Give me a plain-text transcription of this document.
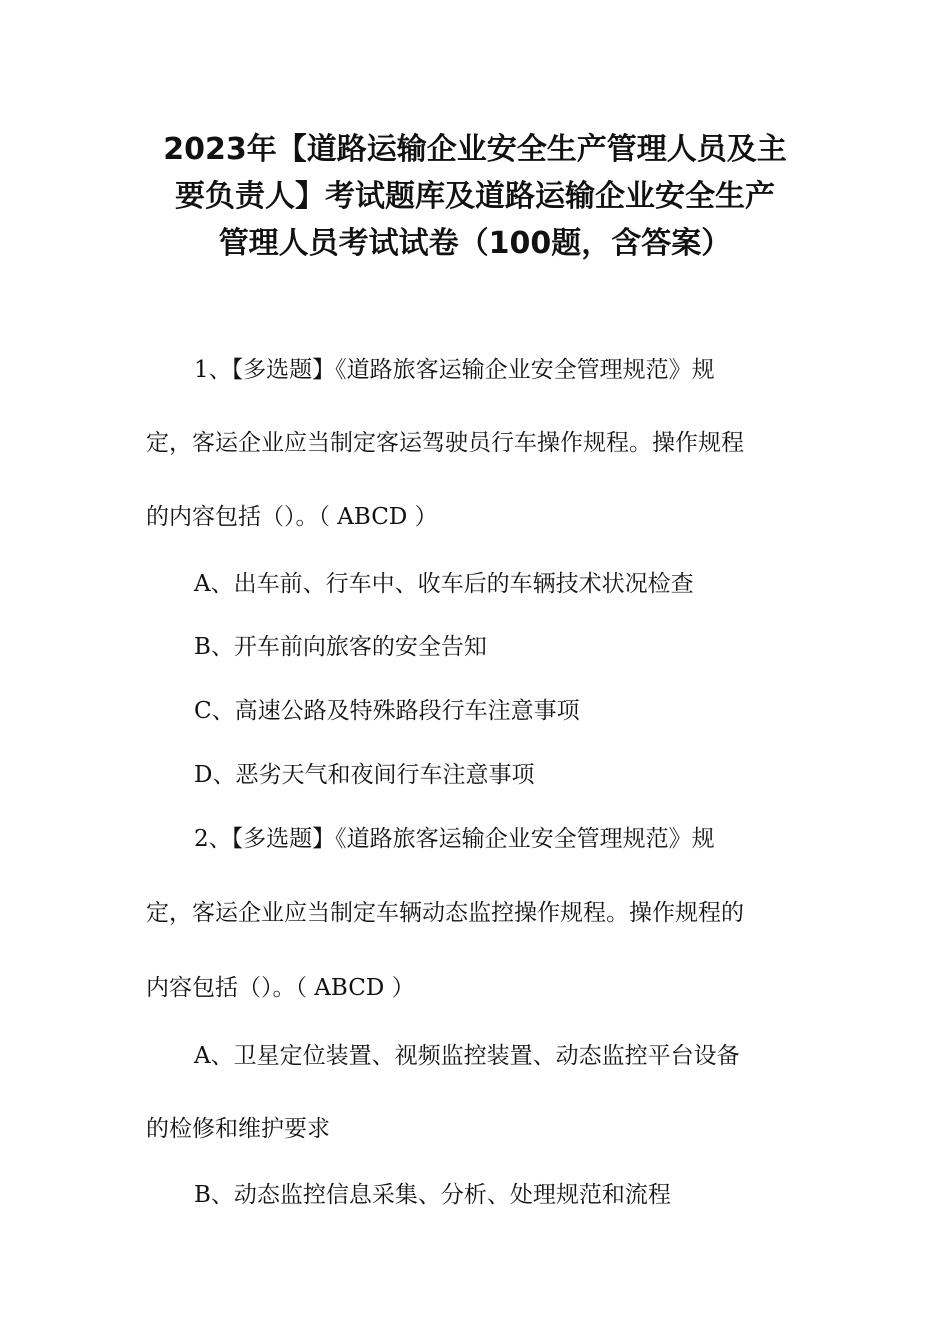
2023年【道路运输企业安全生产管理人员及主
要负责人】考试题库及道路运输企业安全生产
管理人员考试试卷（100题，含答案）
1、【多选题】《道路旅客运输企业安全管理规范》规
定，客运企业应当制定客运驾驶员行车操作规程。操作规程
的内容包括（）。（ ABCD ）
A、出车前、行车中、收车后的车辆技术状况检查
B、开车前向旅客的安全告知
C、高速公路及特殊路段行车注意事项
D、恶劣天气和夜间行车注意事项
2、【多选题】《道路旅客运输企业安全管理规范》规
定，客运企业应当制定车辆动态监控操作规程。操作规程的
内容包括（）。（ ABCD ）
A、卫星定位装置、视频监控装置、动态监控平台设备
的检修和维护要求
B、动态监控信息采集、分析、处理规范和流程
